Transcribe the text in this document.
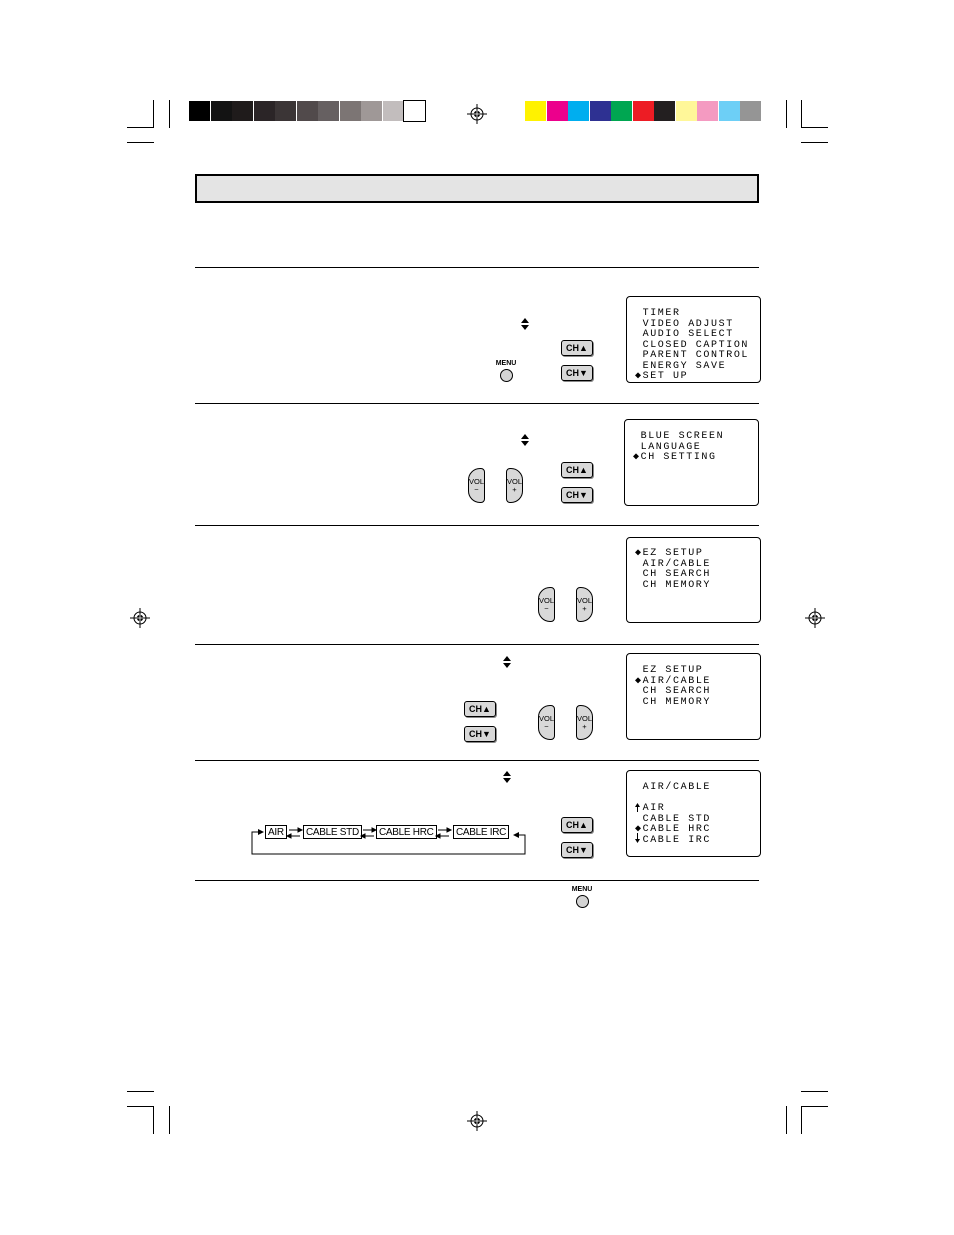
MENU
CH▲
CH▼
TIMER
VIDEO ADJUST
AUDIO SELECT
CLOSED CAPTION
PARENT CONTROL
ENERGY SAVE
◆SET UP
VOL
−
VOL
+
CH▲
CH▼
BLUE SCREEN
LANGUAGE
◆CH SETTING
VOL
−
VOL
+
◆EZ SETUP
AIR/CABLE
CH SEARCH
CH MEMORY
CH▲
CH▼
VOL
−
VOL
+
EZ SETUP
◆AIR/CABLE
CH SEARCH
CH MEMORY
AIR	CABLE STD	CABLE HRC	CABLE IRC
CH▲
CH▼
AIR/CABLE
AIR
CABLE STD
◆CABLE HRC
CABLE IRC
MENU
